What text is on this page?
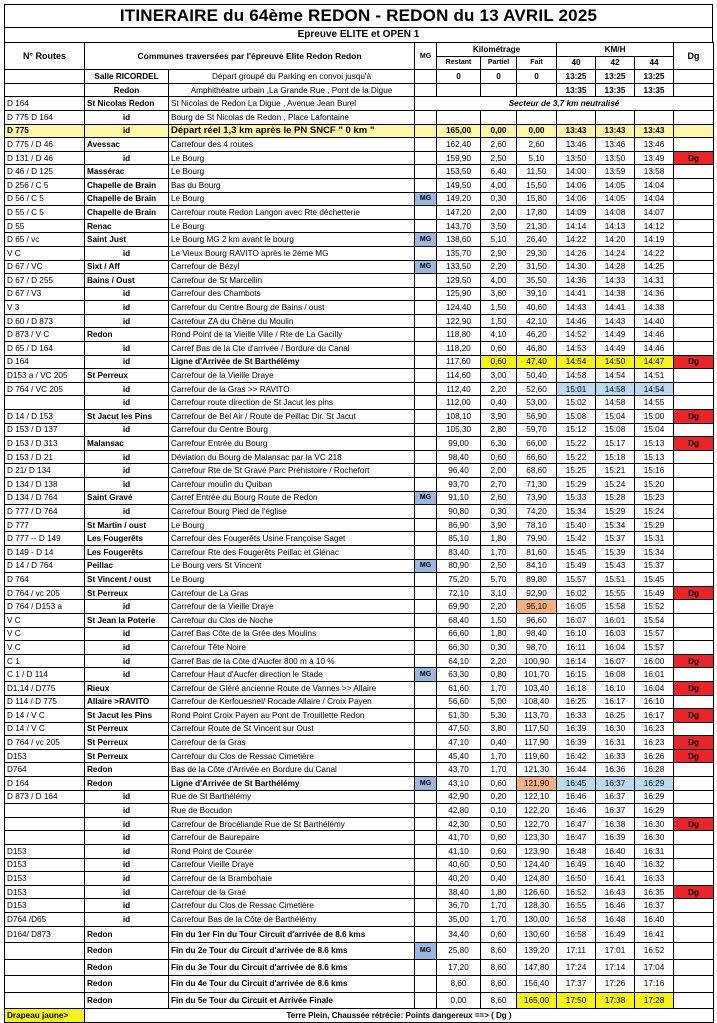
ITINERAIRE du 64ème REDON - REDON du 13 AVRIL 2025
Epreuve ELITE et OPEN 1
N° Routes	Communes traversées par l'épreuve Elite Redon Redon		MG	Kilométrage			KM/H			Dg
				Restant	Partiel	Fait	40	42	44	
	Salle RICORDEL	Départ groupé du Parking en convoi jusqu'à		0	0	0	13:25	13:25	13:25	
	Redon	Amphithéatre urbain ,La Grande Rue , Pont de la Digue					13:35	13:35	13:35	
D 164	St Nicolas Redon	St Nicolas de Redon La Digue , Avenue Jean Burel	Secteur de 3,7 km neutralisé							
D 775 D 164	id	Bourg de St Nicolas de Redon , Place Lafontaine								
D 775	id	Départ réel 1,3 km après le PN SNCF " 0 km "		165,00	0,00	0,00	13:43	13:43	13:43	
D 775 / D 46	Avessac	Carrefour des 4 routes		162,40	2,60	2,60	13:46	13:46	13:46	
D 131 / D 46	id	Le Bourg		159,90	2,50	5,10	13:50	13:50	13:49	Dg
D 46 / D 125	Massérac	Le Bourg		153,50	6,40	11,50	14:00	13:59	13:58	
D 256 / C 5	Chapelle de Brain	Bas du Bourg		149,50	4,00	15,50	14:06	14:05	14:04	
D 56 / C 5	Chapelle de Brain	Le Bourg	MG	149,20	0,30	15,80	14:06	14:05	14:04	
D 55 / C 5	Chapelle de Brain	Carrefour route Redon Langon avec Rte déchetterie		147,20	2,00	17,80	14:09	14:08	14:07	
D 55	Renac	Le Bourg		143,70	3,50	21,30	14:14	14:13	14:12	
D 65 / vc	Saint Just	Le Bourg MG 2 km avant le bourg	MG	138,60	5,10	26,40	14:22	14:20	14:19	
V C	id	Le Vieux Bourg RAVITO après le 2ème MG		135,70	2,90	29,30	14:26	14:24	14:22	
D 67 / VC	Sixt / Aff	Carrefour de Bézyl	MG	133,50	2,20	31,50	14:30	14:28	14:25	
D 67 / D 255	Bains / Oust	Carrefour de St Marcellin		129,50	4,00	35,50	14:36	14:33	14:31	
D 67 / V3	id	Carrefour des Chambots		125,90	3,60	39,10	14:41	14:38	14:36	
V 3	id	Carrefour du Centre Bourg de Bains / oust		124,40	1,50	40,60	14:43	14:41	14:38	
D 60 / D 873	id	Carrefour ZA du Chêne du Moulin		122,90	1,50	42,10	14:46	14:43	14:40	
D 873 / V C	Redon	Rond Point de la Vieille Ville / Rte de La Gacilly		118,80	4,10	46,20	14:52	14:49	14:46	
D 65 / D 164	id	Carref Bas de la Cte d'arrivée / Bordure du Canal		118,20	0,60	46,80	14:53	14:49	14:46	
D 164	id	Ligne d'Arrivée de St Barthélémy		117,60	0,60	47,40	14:54	14:50	14:47	Dg
D153 a / VC 205	St Perreux	Carrefour de la Vieille Draye		114,60	3,00	50,40	14:58	14:54	14:51	
D 764 / VC 205	id	Carrefour de la Gras >> RAVITO		112,40	2,20	52,60	15:01	14:58	14:54	
	id	Carrefour route direction de St Jacut les pins		112,00	0,40	53,00	15:02	14:58	14:55	
D 14 / D 153	St Jacut les Pins	Carrefour de Bel Air / Route de Peillac Dir. St Jacut		108,10	3,90	56,90	15:08	15:04	15:00	Dg
D 153 / D 137	id	Carrefour du Centre Bourg		105,30	2,80	59,70	15:12	15:08	15:04	
D 153 / D 313	Malansac	Carrefour Entrée du Bourg		99,00	6,30	66,00	15:22	15:17	15:13	Dg
D 153 / D 21	id	Déviation du Bourg de Malansac par la VC 218		98,40	0,60	66,60	15:22	15:18	15:13	
D 21/ D 134	id	Carrefour Rte de St Gravé Parc Préhistoire / Rochefort		96,40	2,00	68,60	15:25	15:21	15:16	
D 134 / D 138	id	Carrefour moulin du Quiban		93,70	2,70	71,30	15:29	15:24	15:20	
D 134 / D 764	Saint Gravé	Carref Entrée du Bourg Route de Redon	MG	91,10	2,60	73,90	15:33	15:28	15:23	
D 777 / D 764	id	Carrefour Bourg Pied de l'église		90,80	0,30	74,20	15:34	15:29	15:24	
D 777	St Martin / oust	Le Bourg		86,90	3,90	78,10	15:40	15:34	15:29	
D 777 -- D 149	Les Fougerêts	Carrefour des Fougerêts Usine Françoise Saget		85,10	1,80	79,90	15:42	15:37	15:31	
D 149 - D 14	Les Fougerêts	Carrefour Rte des Fougerêts Peillac et Glénac		83,40	1,70	81,60	15:45	15:39	15:34	
D 14 / D 764	Peillac	Le Bourg vers St Vincent	MG	80,90	2,50	84,10	15:49	15:43	15:37	
D 764	St Vincent / oust	Le Bourg		75,20	5,70	89,80	15:57	15:51	15:45	
D 764 / vc 205	St Perreux	Carrefour de La Gras		72,10	3,10	92,90	16:02	15:55	15:49	Dg
D 764 / D153 a	id	Carrefour de la Vieille Draye		69,90	2,20	95,10	16:05	15:58	15:52	
V C	St Jean la Poterie	Carrefour du Clos de Noche		68,40	1,50	96,60	16:07	16:01	15:54	
V C	id	Carref Bas Côte de la Grée des Moulins		66,60	1,80	98,40	16:10	16:03	15:57	
V C	id	Carrefour Tête Noire		66,30	0,30	98,70	16:11	16:04	15:57	
C 1	id	Carref Bas de la Côte d'Aucfer 800 m à 10 %		64,10	2,20	100,90	16:14	16:07	16:00	Dg
C 1 / D 114	id	Carrefour Haut d'Aucfer direction le Stade	MG	63,30	0,80	101,70	16:15	16:08	16:01	
D1.14 / D775	Rieux	Carrefour de Gléré ancienne Route de Vannes >> Allaire		61,60	1,70	103,40	16:18	16:10	16:04	Dg
D 114 / D 775	Allaire >RAVITO	Carrefour de Kerfouesnel/ Rocade Allaire / Croix Payen		56,60	5,00	108,40	16:25	16:17	16:10	
D 14 / V C	St Jacut les Pins	Rond Point Croix Payen au Pont de Trouillette Redon		51,30	5,30	113,70	16:33	16:25	16:17	Dg
D 14 / V C	St Perreux	Carrefour Route de St Vincent sur Oust		47,50	3,80	117,50	16:39	16:30	16:23	
D 764 / vc 205	St Perreux	Carrefour de la Gras		47,10	0,40	117,90	16:39	16:31	16:23	Dg
D153	St Perreux	Carrefour du Clos de Ressac Cimetière		45,40	1,70	119,60	16:42	16:33	16:26	Dg
D764	Redon	Bas de la Côte d'Arrivée en Bordure du Canal		43,70	1,70	121,30	16:44	16:36	16:28	
D 164	Redon	Ligne d'Arrivée de St Barthélémy	MG	43,10	0,60	121,90	16:45	16:37	16:29	
D 873 / D 164	id	Rue de St Barthélémy		42,90	0,20	122,10	16:46	16:37	16:29	
	id	Rue de Bocudon		42,80	0,10	122,20	16:46	16:37	16:29	
	id	Carrefour de Brocéliande Rue de St Barthélémy		42,30	0,50	122,70	16:47	16:38	16:30	Dg
	id	Carrefour de Baurepaire		41,70	0,60	123,30	16:47	16:39	16:30	
D153	id	Rond Point de Courée		41,10	0,60	123,90	16:48	16:40	16:31	
D153	id	Carrefour Vieille Draye		40,60	0,50	124,40	16:49	16:40	16:32	
D153	id	Carrefour de la Brambohaie		40,20	0,40	124,80	16:50	16:41	16:33	
D153	id	Carrefour de la Graé		38,40	1,80	126,60	16:52	16:43	16:35	Dg
D153	id	Carrefour du Clos de Ressac Cimetière		36,70	1,70	128,30	16:55	16:46	16:37	
D764 /D65	id	Carrefour Bas de la Côte de Barthélémy		35,00	1,70	130,00	16:58	16:48	16:40	
D164/ D873	Redon	Fin du 1er Fin du Tour Circuit d'arrivée de 8.6 kms		34,40	0,60	130,60	16:58	16:49	16:41	
	Redon	Fin du 2e Tour du Circuit d'arrivée de 8.6 kms	MG	25,80	8,60	139,20	17:11	17:01	16:52	
	Redon	Fin du 3e Tour du Circuit d'arrivée de 8.6 kms		17,20	8,60	147,80	17:24	17:14	17:04	
	Redon	Fin du 4e Tour du Circuit d'arrivée de 8.6 kms		8,60	8,60	156,40	17:37	17:26	17:16	
	Redon	Fin du 5e Tour du Circuit et Arrivée Finale		0,00	8,60	165,00	17:50	17:38	17:28	
Drapeau jaune>	Terre Plein, Chaussée rétrécie: Points dangereux ==> ( Dg )									
